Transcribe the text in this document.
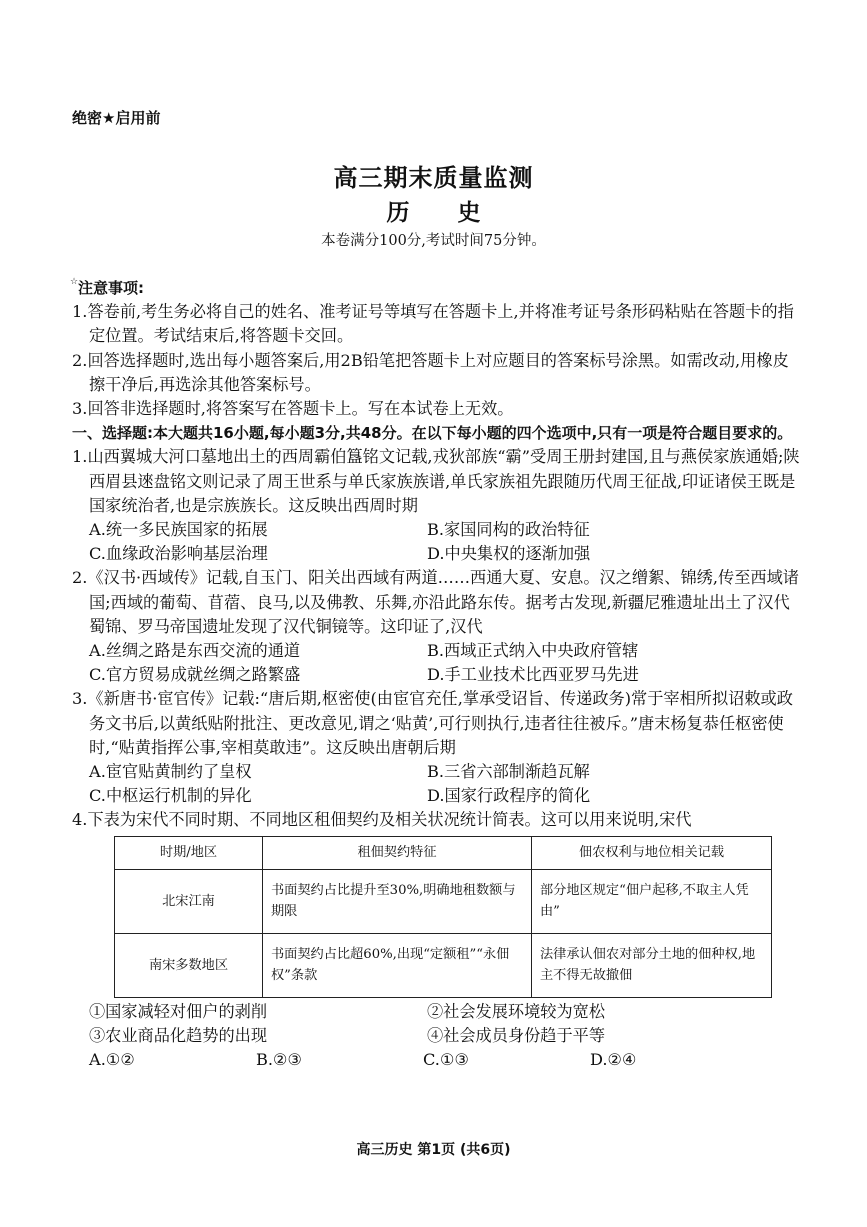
绝密★启用前
高三期末质量监测
历 史
本卷满分100分,考试时间75分钟。
☆ 注意事项:
1.答卷前,考生务必将自己的姓名、准考证号等填写在答题卡上,并将准考证号条形码粘贴在答题卡的指定位置。考试结束后,将答题卡交回。
2.回答选择题时,选出每小题答案后,用2B铅笔把答题卡上对应题目的答案标号涂黑。如需改动,用橡皮擦干净后,再选涂其他答案标号。
3.回答非选择题时,将答案写在答题卡上。写在本试卷上无效。
一、选择题:本大题共16小题,每小题3分,共48分。在以下每小题的四个选项中,只有一项是符合题目要求的。
1.山西翼城大河口墓地出土的西周霸伯簋铭文记载,戎狄部族“霸”受周王册封建国,且与燕侯家族通婚;陕西眉县逨盘铭文则记录了周王世系与单氏家族族谱,单氏家族祖先跟随历代周王征战,印证诸侯王既是国家统治者,也是宗族族长。这反映出西周时期
A.统一多民族国家的拓展	B.家国同构的政治特征
C.血缘政治影响基层治理	D.中央集权的逐渐加强
2.《汉书·西域传》记载,自玉门、阳关出西域有两道……西通大夏、安息。汉之缯絮、锦绣,传至西域诸国;西域的葡萄、苜蓿、良马,以及佛教、乐舞,亦沿此路东传。据考古发现,新疆尼雅遗址出土了汉代蜀锦、罗马帝国遗址发现了汉代铜镜等。这印证了,汉代
A.丝绸之路是东西交流的通道	B.西域正式纳入中央政府管辖
C.官方贸易成就丝绸之路繁盛	D.手工业技术比西亚罗马先进
3.《新唐书·宦官传》记载:“唐后期,枢密使(由宦官充任,掌承受诏旨、传递政务)常于宰相所拟诏敕或政务文书后,以黄纸贴附批注、更改意见,谓之‘贴黄’,可行则执行,违者往往被斥。”唐末杨复恭任枢密使时,“贴黄指挥公事,宰相莫敢违”。这反映出唐朝后期
A.宦官贴黄制约了皇权	B.三省六部制渐趋瓦解
C.中枢运行机制的异化	D.国家行政程序的简化
4.下表为宋代不同时期、不同地区租佃契约及相关状况统计简表。这可以用来说明,宋代
时期/地区	租佃契约特征	佃农权利与地位相关记载
北宋江南	书面契约占比提升至30%,明确地租数额与期限	部分地区规定“佃户起移,不取主人凭由”
南宋多数地区	书面契约占比超60%,出现“定额租”“永佃权”条款	法律承认佃农对部分土地的佃种权,地主不得无故撤佃
①国家减轻对佃户的剥削	②社会发展环境较为宽松
③农业商品化趋势的出现	④社会成员身份趋于平等
A.①②	B.②③	C.①③	D.②④
高三历史 第1页 (共6页)
